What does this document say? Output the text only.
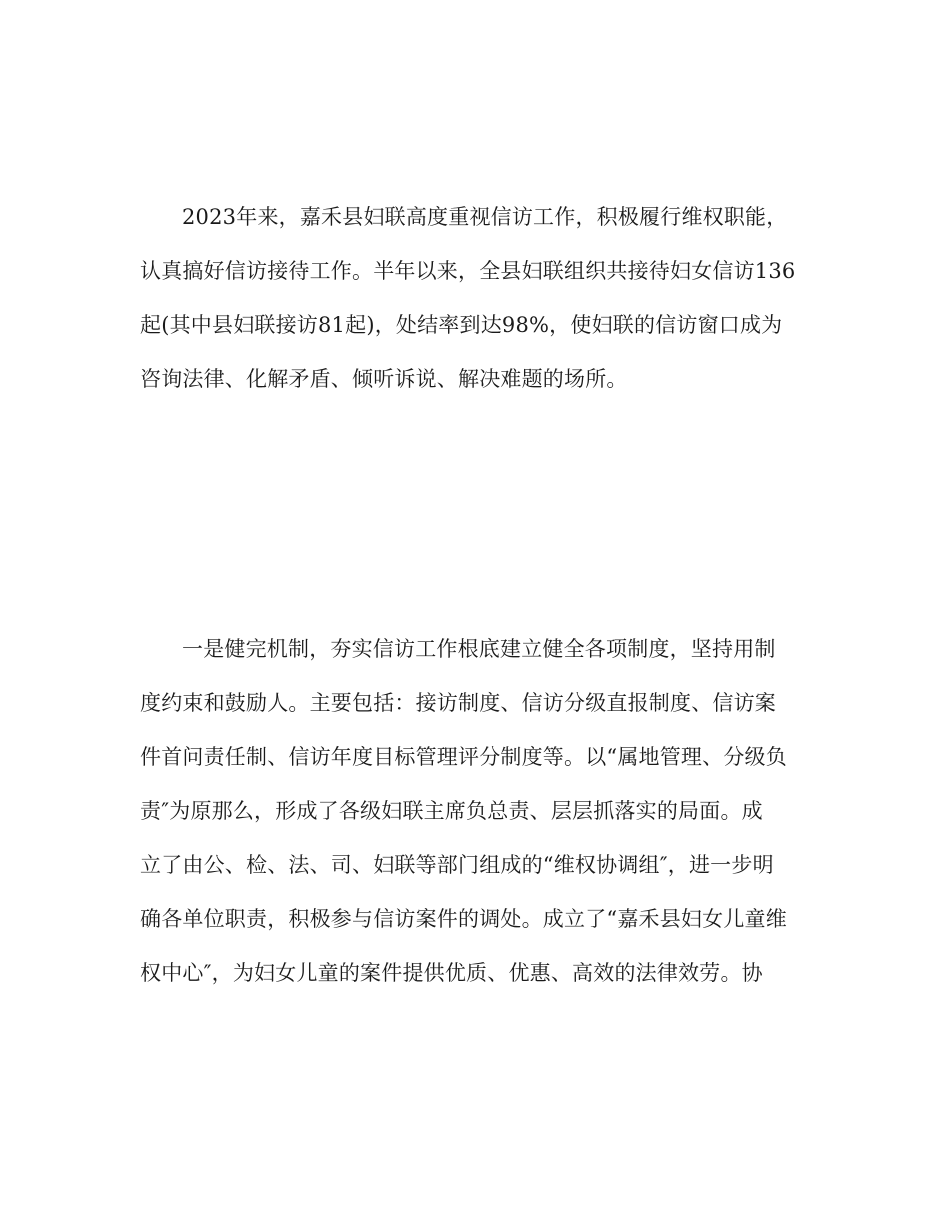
2023年来，嘉禾县妇联高度重视信访工作，积极履行维权职能，
认真搞好信访接待工作。半年以来，全县妇联组织共接待妇女信访136
起(其中县妇联接访81起)，处结率到达98%，使妇联的信访窗口成为
咨询法律、化解矛盾、倾听诉说、解决难题的场所。
一是健完机制，夯实信访工作根底建立健全各项制度，坚持用制
度约束和鼓励人。主要包括：接访制度、信访分级直报制度、信访案
件首问责任制、信访年度目标管理评分制度等。以“属地管理、分级负
责″为原那么，形成了各级妇联主席负总责、层层抓落实的局面。成
立了由公、检、法、司、妇联等部门组成的“维权协调组″，进一步明
确各单位职责，积极参与信访案件的调处。成立了“嘉禾县妇女儿童维
权中心″，为妇女儿童的案件提供优质、优惠、高效的法律效劳。协
